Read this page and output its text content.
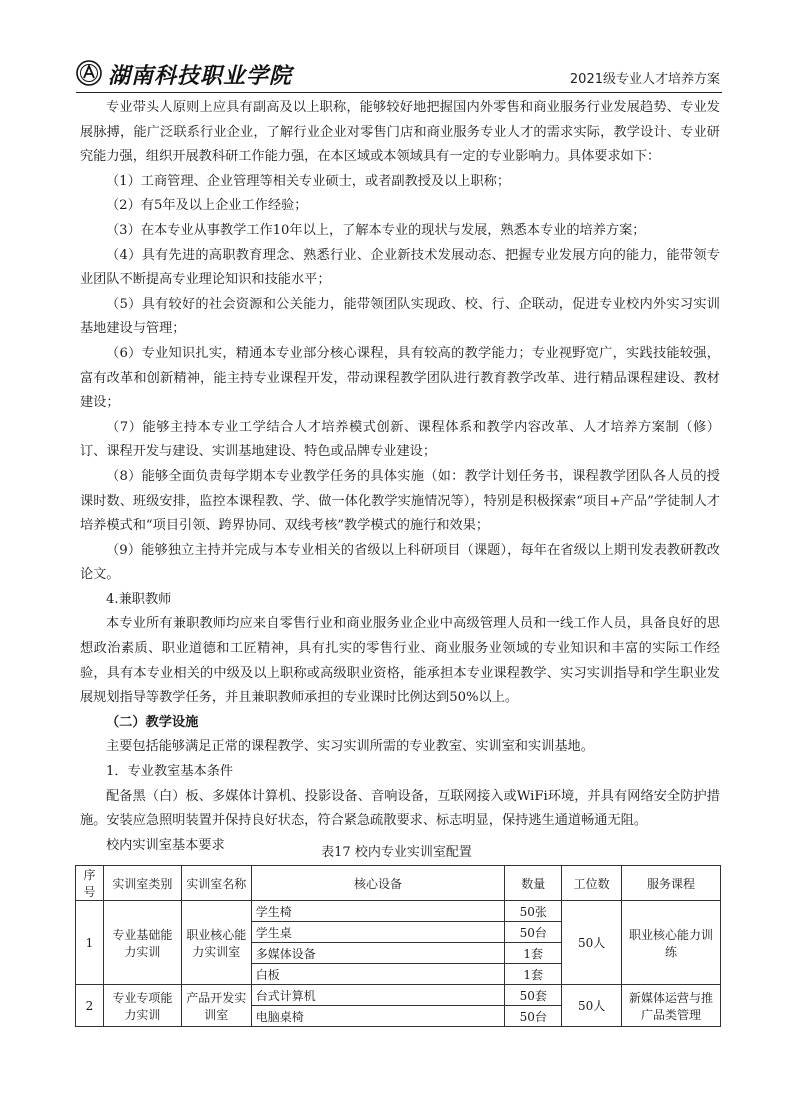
湖南科技职业学院	2021级专业人才培养方案

专业带头人原则上应具有副高及以上职称，能够较好地把握国内外零售和商业服务行业发展趋势、专业发展脉搏，能广泛联系行业企业，了解行业企业对零售门店和商业服务专业人才的需求实际，教学设计、专业研究能力强，组织开展教科研工作能力强，在本区域或本领域具有一定的专业影响力。具体要求如下：

（1）工商管理、企业管理等相关专业硕士，或者副教授及以上职称；

（2）有5年及以上企业工作经验；

（3）在本专业从事教学工作10年以上，了解本专业的现状与发展，熟悉本专业的培养方案；

（4）具有先进的高职教育理念、熟悉行业、企业新技术发展动态、把握专业发展方向的能力，能带领专业团队不断提高专业理论知识和技能水平；

（5）具有较好的社会资源和公关能力，能带领团队实现政、校、行、企联动，促进专业校内外实习实训基地建设与管理；

（6）专业知识扎实，精通本专业部分核心课程，具有较高的教学能力；专业视野宽广，实践技能较强，富有改革和创新精神，能主持专业课程开发，带动课程教学团队进行教育教学改革、进行精品课程建设、教材建设；

（7）能够主持本专业工学结合人才培养模式创新、课程体系和教学内容改革、人才培养方案制（修）订、课程开发与建设、实训基地建设、特色或品牌专业建设；

（8）能够全面负责每学期本专业教学任务的具体实施（如：教学计划任务书，课程教学团队各人员的授课时数、班级安排，监控本课程教、学、做一体化教学实施情况等），特别是积极探索“项目+产品”学徒制人才培养模式和“项目引领、跨界协同、双线考核”教学模式的施行和效果；

（9）能够独立主持并完成与本专业相关的省级以上科研项目（课题），每年在省级以上期刊发表教研教改论文。

4.兼职教师

本专业所有兼职教师均应来自零售行业和商业服务业企业中高级管理人员和一线工作人员，具备良好的思想政治素质、职业道德和工匠精神，具有扎实的零售行业、商业服务业领域的专业知识和丰富的实际工作经验，具有本专业相关的中级及以上职称或高级职业资格，能承担本专业课程教学、实习实训指导和学生职业发展规划指导等教学任务，并且兼职教师承担的专业课时比例达到50%以上。

（二）教学设施

主要包括能够满足正常的课程教学、实习实训所需的专业教室、实训室和实训基地。

1．专业教室基本条件

配备黑（白）板、多媒体计算机、投影设备、音响设备，互联网接入或WiFi环境，并具有网络安全防护措施。安装应急照明装置并保持良好状态，符合紧急疏散要求、标志明显，保持逃生通道畅通无阻。

校内实训室基本要求	表17 校内专业实训室配置
序号	实训室类别	实训室名称	核心设备	数量	工位数	服务课程
1	专业基础能力实训	职业核心能力实训室	学生椅	50张	50人	职业核心能力训练
			学生桌	50台		
			多媒体设备	1套		
			白板	1套		
2	专业专项能力实训	产品开发实训室	台式计算机	50套	50人	新媒体运营与推广品类管理
			电脑桌椅	50台		
